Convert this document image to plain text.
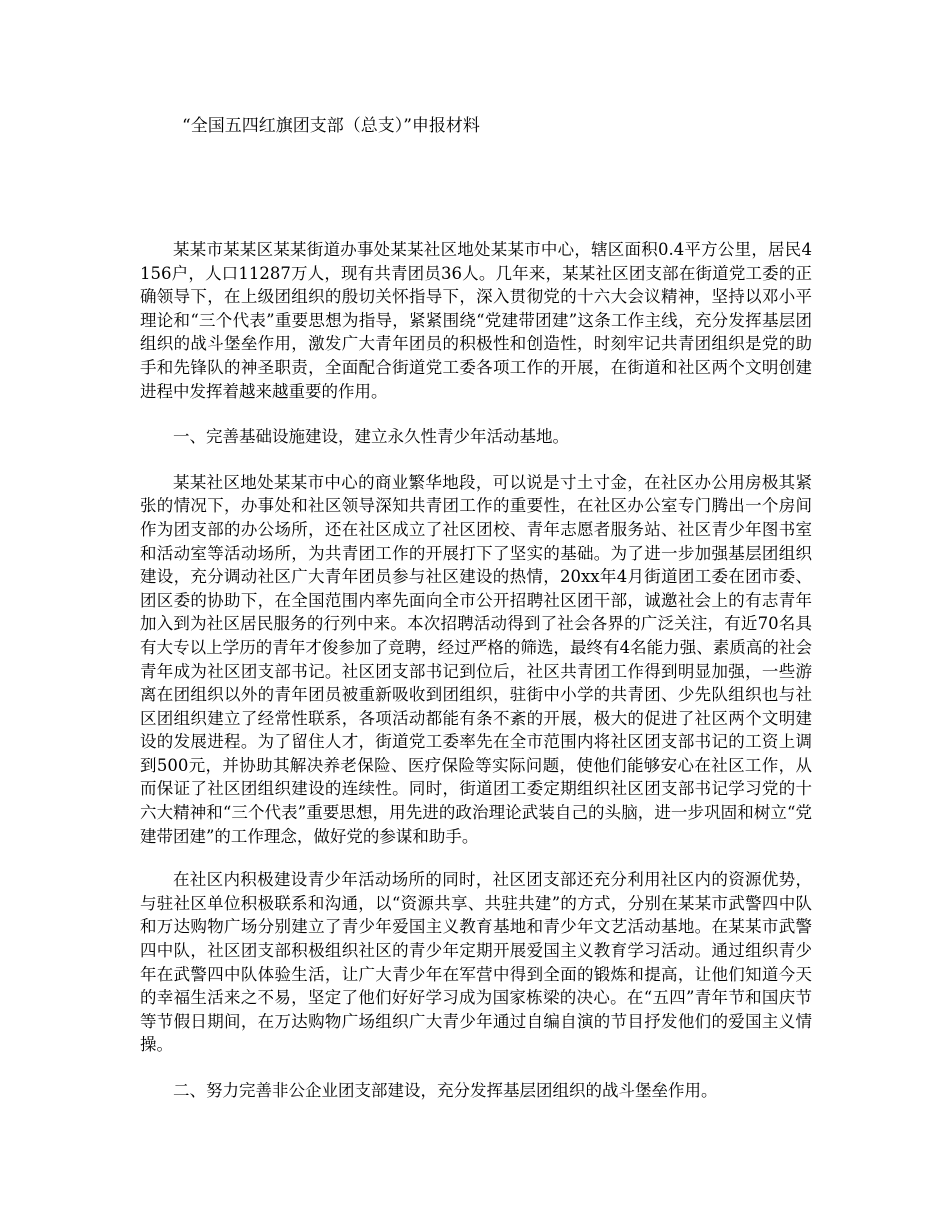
“全国五四红旗团支部（总支）”申报材料

某某市某某区某某街道办事处某某社区地处某某市中心，辖区面积0.4平方公里，居民4156户，人口11287万人，现有共青团员36人。几年来，某某社区团支部在街道党工委的正确领导下，在上级团组织的殷切关怀指导下，深入贯彻党的十六大会议精神，坚持以邓小平理论和“三个代表”重要思想为指导，紧紧围绕“党建带团建”这条工作主线，充分发挥基层团组织的战斗堡垒作用，激发广大青年团员的积极性和创造性，时刻牢记共青团组织是党的助手和先锋队的神圣职责，全面配合街道党工委各项工作的开展，在街道和社区两个文明创建进程中发挥着越来越重要的作用。

一、完善基础设施建设，建立永久性青少年活动基地。

某某社区地处某某市中心的商业繁华地段，可以说是寸土寸金，在社区办公用房极其紧张的情况下，办事处和社区领导深知共青团工作的重要性，在社区办公室专门腾出一个房间作为团支部的办公场所，还在社区成立了社区团校、青年志愿者服务站、社区青少年图书室和活动室等活动场所，为共青团工作的开展打下了坚实的基础。为了进一步加强基层团组织建设，充分调动社区广大青年团员参与社区建设的热情，20xx年4月街道团工委在团市委、团区委的协助下，在全国范围内率先面向全市公开招聘社区团干部，诚邀社会上的有志青年加入到为社区居民服务的行列中来。本次招聘活动得到了社会各界的广泛关注，有近70名具有大专以上学历的青年才俊参加了竞聘，经过严格的筛选，最终有4名能力强、素质高的社会青年成为社区团支部书记。社区团支部书记到位后，社区共青团工作得到明显加强，一些游离在团组织以外的青年团员被重新吸收到团组织，驻街中小学的共青团、少先队组织也与社区团组织建立了经常性联系，各项活动都能有条不紊的开展，极大的促进了社区两个文明建设的发展进程。为了留住人才，街道党工委率先在全市范围内将社区团支部书记的工资上调到500元，并协助其解决养老保险、医疗保险等实际问题，使他们能够安心在社区工作，从而保证了社区团组织建设的连续性。同时，街道团工委定期组织社区团支部书记学习党的十六大精神和“三个代表”重要思想，用先进的政治理论武装自己的头脑，进一步巩固和树立“党建带团建”的工作理念，做好党的参谋和助手。

在社区内积极建设青少年活动场所的同时，社区团支部还充分利用社区内的资源优势，与驻社区单位积极联系和沟通，以“资源共享、共驻共建”的方式，分别在某某市武警四中队和万达购物广场分别建立了青少年爱国主义教育基地和青少年文艺活动基地。在某某市武警四中队，社区团支部积极组织社区的青少年定期开展爱国主义教育学习活动。通过组织青少年在武警四中队体验生活，让广大青少年在军营中得到全面的锻炼和提高，让他们知道今天的幸福生活来之不易，坚定了他们好好学习成为国家栋梁的决心。在“五四”青年节和国庆节等节假日期间，在万达购物广场组织广大青少年通过自编自演的节目抒发他们的爱国主义情操。

二、努力完善非公企业团支部建设，充分发挥基层团组织的战斗堡垒作用。
